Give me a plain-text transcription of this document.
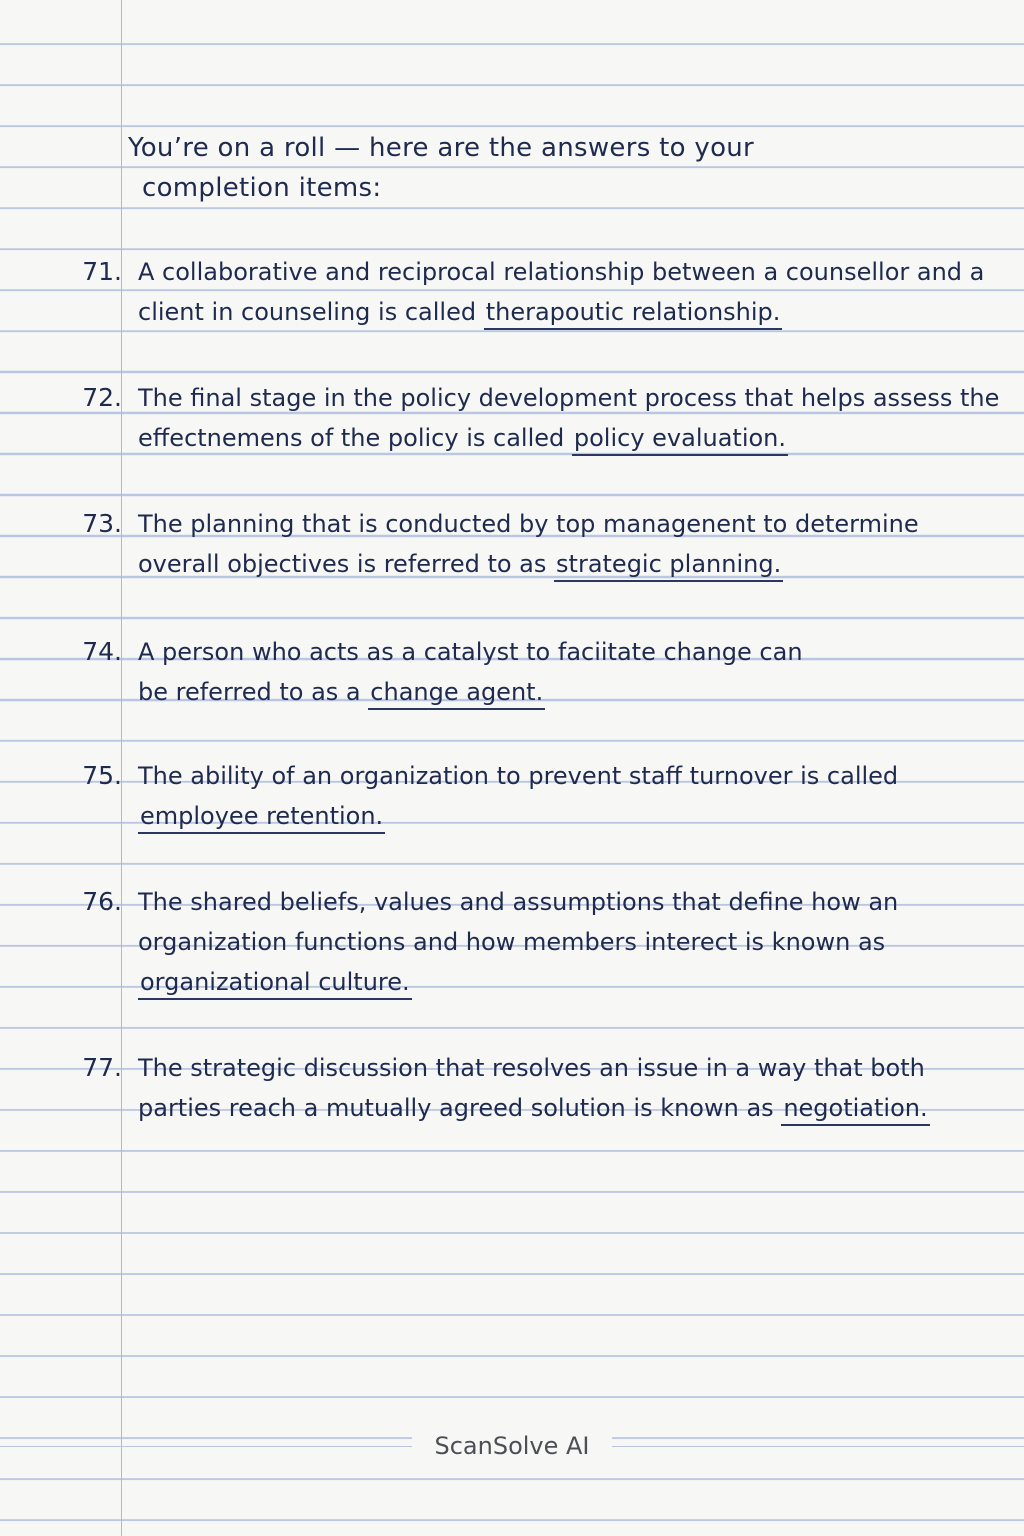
You’re on a roll — here are the answers to your
completion items:
71. A collaborative and reciprocal relationship between a counsellor and a client in counseling is called therapoutic relationship.
72. The final stage in the policy development process that helps assess the effectnemens of the policy is called policy evaluation.
73. The planning that is conducted by top managenent to determine overall objectives is referred to as strategic planning.
74. A person who acts as a catalyst to faciitate change can be referred to as a change agent.
75. The ability of an organization to prevent staff turnover is called employee retention.
76. The shared beliefs, values and assumptions that define how an organization functions and how members interect is known as organizational culture.
77. The strategic discussion that resolves an issue in a way that both parties reach a mutually agreed solution is known as negotiation.
ScanSolve AI
